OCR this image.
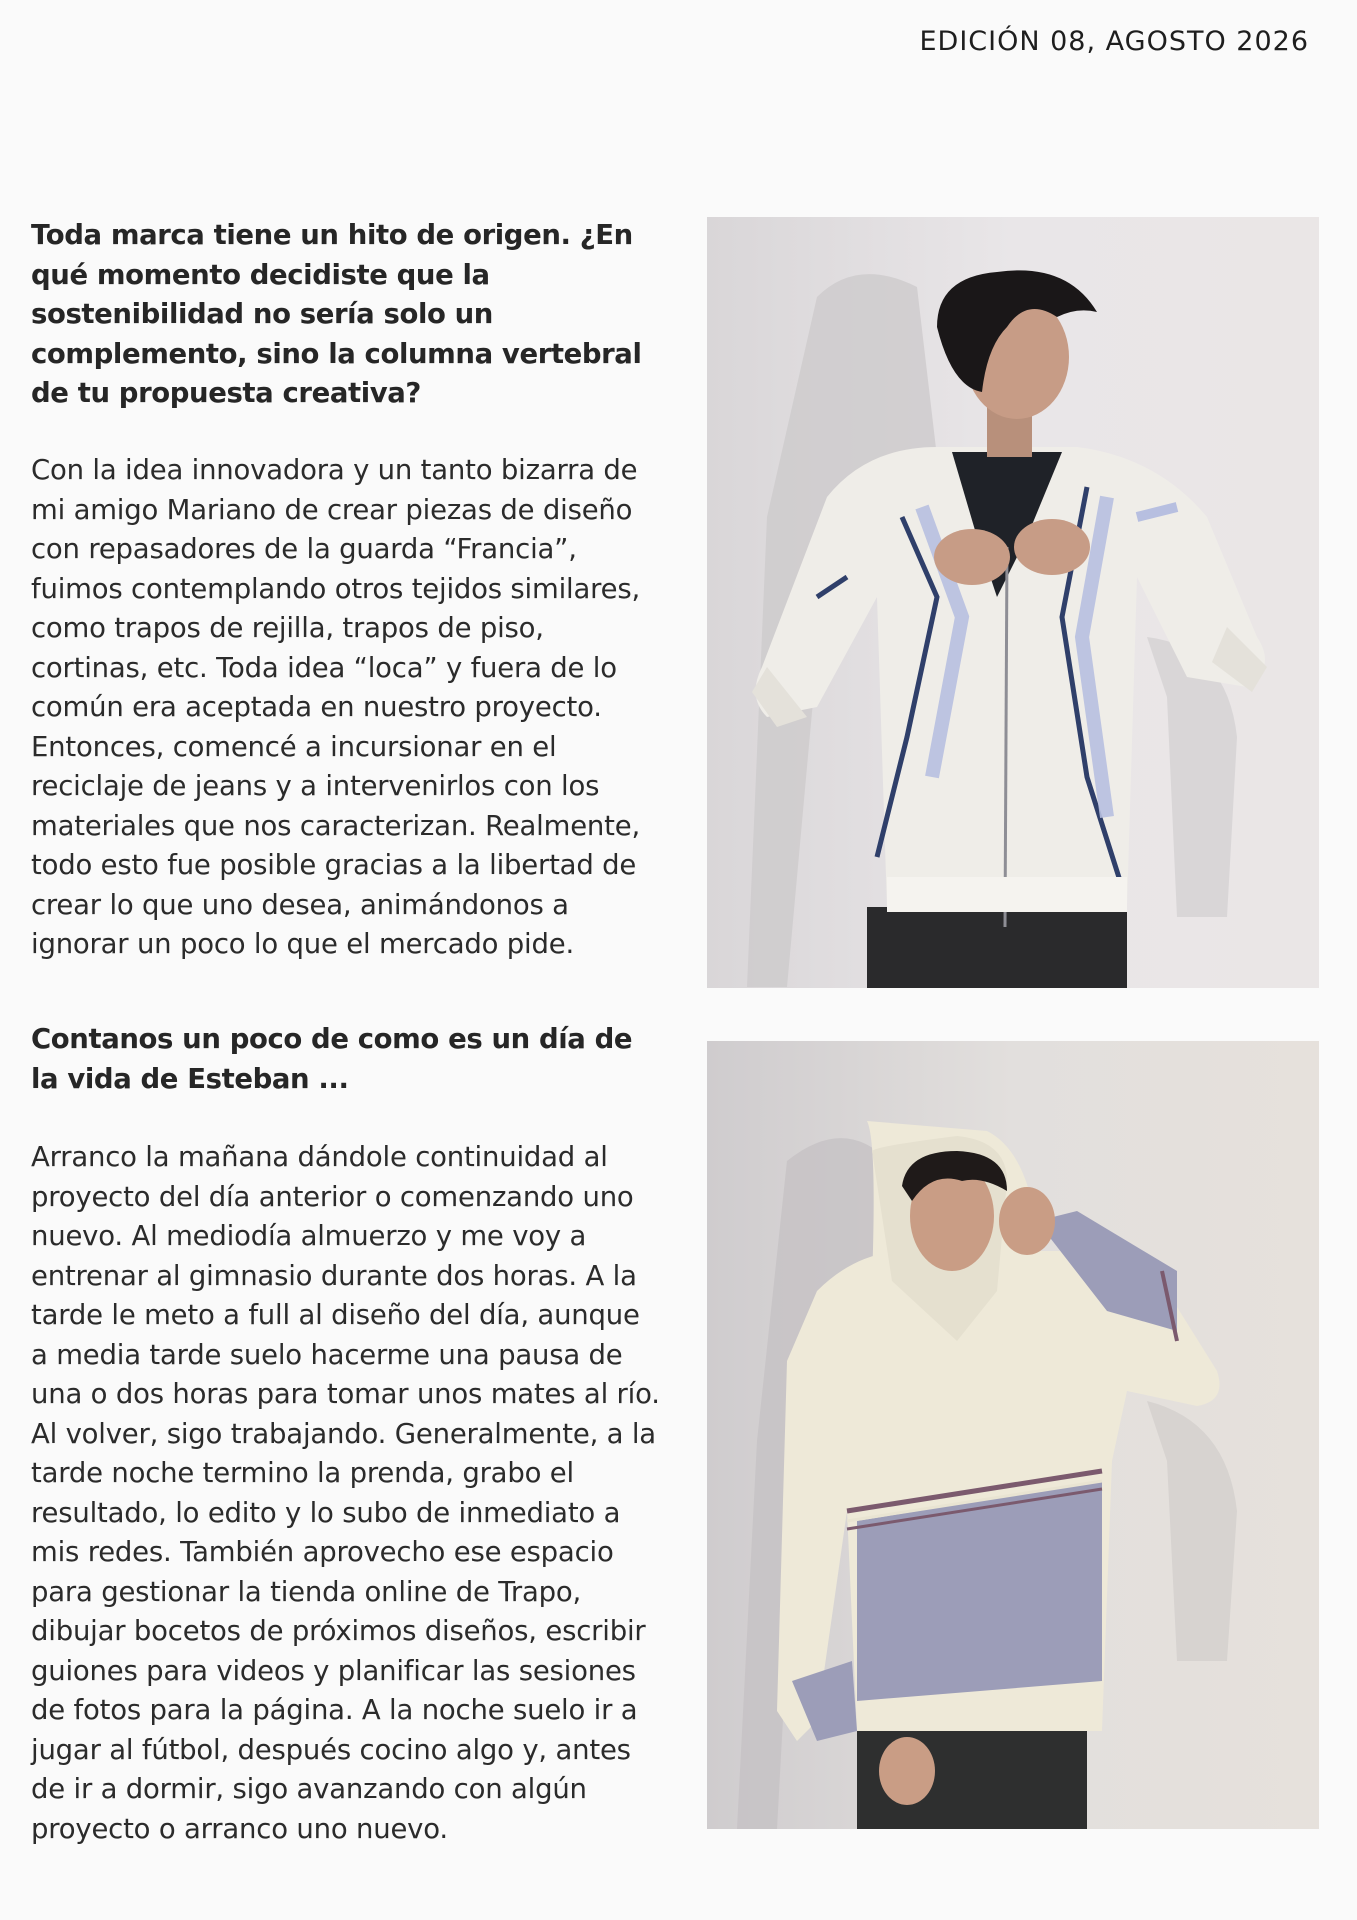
EDICIÓN 08, AGOSTO 2026
Toda marca tiene un hito de origen. ¿En qué momento decidiste que la sostenibilidad no sería solo un complemento, sino la columna vertebral de tu propuesta creativa?
Con la idea innovadora y un tanto bizarra de mi amigo Mariano de crear piezas de diseño con repasadores de la guarda “Francia”, fuimos contemplando otros tejidos similares, como trapos de rejilla, trapos de piso, cortinas, etc. Toda idea “loca” y fuera de lo común era aceptada en nuestro proyecto. Entonces, comencé a incursionar en el reciclaje de jeans y a intervenirlos con los materiales que nos caracterizan. Realmente, todo esto fue posible gracias a la libertad de crear lo que uno desea, animándonos a ignorar un poco lo que el mercado pide.
Contanos un poco de como es un día de la vida de Esteban ...
Arranco la mañana dándole continuidad al proyecto del día anterior o comenzando uno nuevo. Al mediodía almuerzo y me voy a entrenar al gimnasio durante dos horas. A la tarde le meto a full al diseño del día, aunque a media tarde suelo hacerme una pausa de una o dos horas para tomar unos mates al río. Al volver, sigo trabajando. Generalmente, a la tarde noche termino la prenda, grabo el resultado, lo edito y lo subo de inmediato a mis redes. También aprovecho ese espacio para gestionar la tienda online de Trapo, dibujar bocetos de próximos diseños, escribir guiones para videos y planificar las sesiones de fotos para la página. A la noche suelo ir a jugar al fútbol, después cocino algo y, antes de ir a dormir, sigo avanzando con algún proyecto o arranco uno nuevo.
